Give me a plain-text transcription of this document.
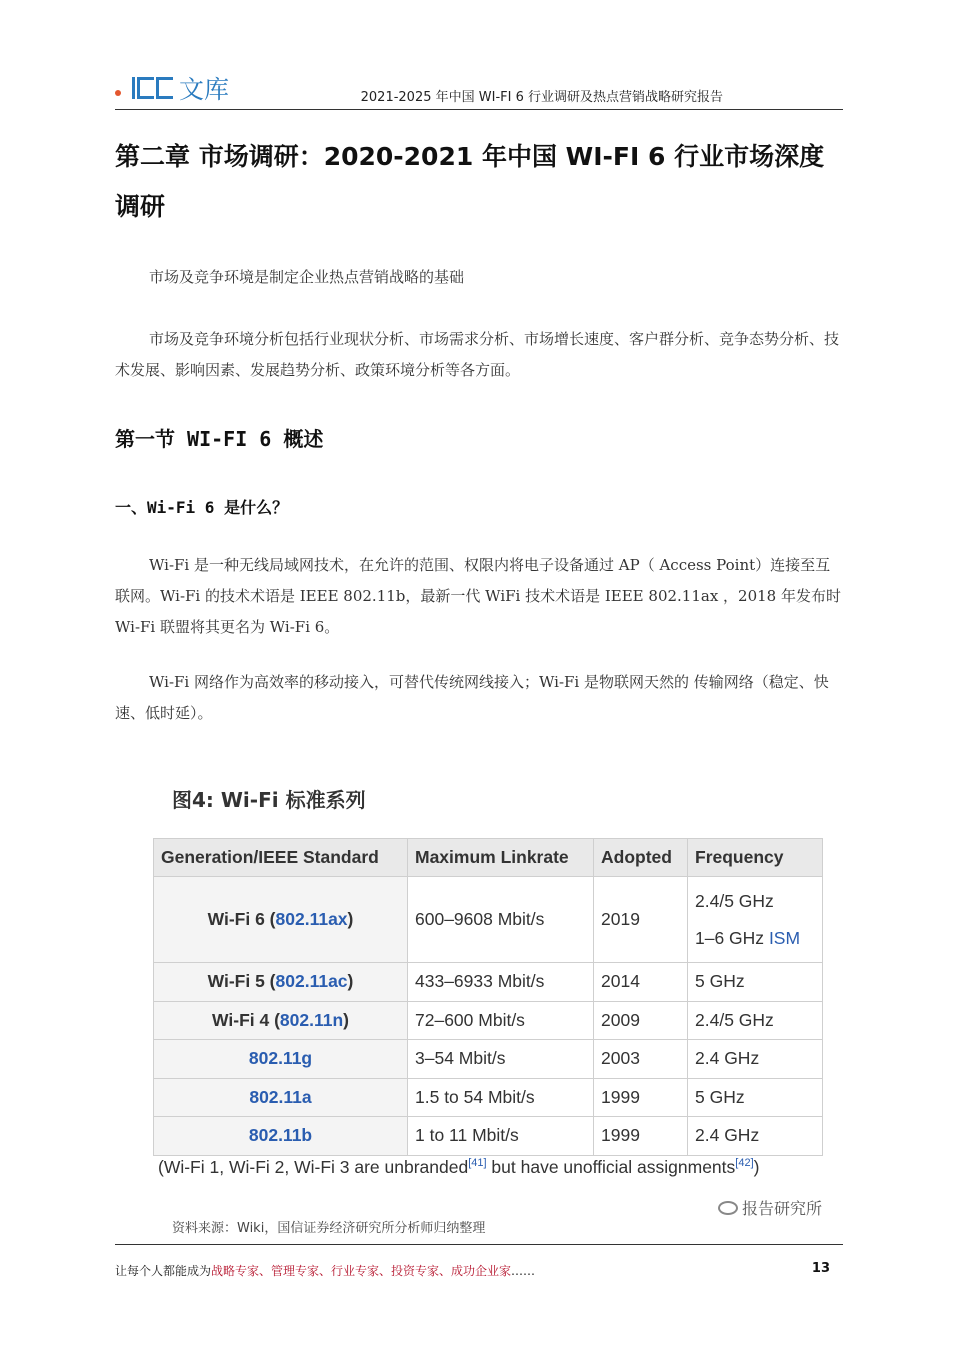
文库	2021-2025 年中国 WI-FI 6 行业调研及热点营销战略研究报告
第二章 市场调研：2020-2021 年中国 WI-FI 6 行业市场深度调研

市场及竞争环境是制定企业热点营销战略的基础

市场及竞争环境分析包括行业现状分析、市场需求分析、市场增长速度、客户群分析、竞争态势分析、技术发展、影响因素、发展趋势分析、政策环境分析等各方面。

第一节 WI-FI 6 概述
一、Wi-Fi 6 是什么？

Wi-Fi 是一种无线局域网技术，在允许的范围、权限内将电子设备通过 AP（ Access Point）连接至互联网。Wi-Fi 的技术术语是 IEEE 802.11b，最新一代 WiFi 技术术语是 IEEE 802.11ax ，2018 年发布时 Wi-Fi 联盟将其更名为 Wi-Fi 6。

Wi-Fi 网络作为高效率的移动接入，可替代传统网线接入；Wi-Fi 是物联网天然的 传输网络（稳定、快速、低时延）。

图4: Wi-Fi 标准系列
Generation/IEEE Standard	Maximum Linkrate	Adopted	Frequency
Wi-Fi 6 (802.11ax)	600–9608 Mbit/s	2019	2.4/5 GHz
1–6 GHz ISM

Wi-Fi 5 (802.11ac)	433–6933 Mbit/s	2014	5 GHz
Wi-Fi 4 (802.11n)	72–600 Mbit/s	2009	2.4/5 GHz
802.11g	3–54 Mbit/s	2003	2.4 GHz
802.11a	1.5 to 54 Mbit/s	1999	5 GHz
802.11b	1 to 11 Mbit/s	1999	2.4 GHz
(Wi-Fi 1, Wi-Fi 2, Wi-Fi 3 are unbranded[41] but have unofficial assignments[42])
报告研究所
资料来源：Wiki，国信证券经济研究所分析师归纳整理
让每个人都能成为战略专家、管理专家、行业专家、投资专家、成功企业家……	13
